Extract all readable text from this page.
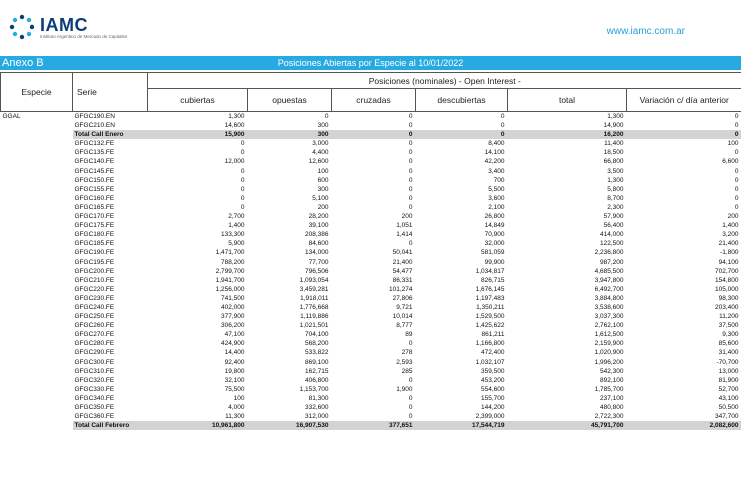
IAMC
Instituto Argentino de Mercado de Capitales	www.iamc.com.ar
Anexo B	Posiciones Abiertas por Especie al 10/01/2022
Especie	Serie	Posiciones (nominales) - Open Interest -					
		cubiertas	opuestas	cruzadas	descubiertas	total	Variación c/ día anterior
GGAL	GFGC190.EN	1,300	0	0	0	1,300	0
	GFGC210.EN	14,600	300	0	0	14,900	0
	Total Call Enero	15,900	300	0	0	16,200	0
	GFGC132.FE	0	3,000	0	8,400	11,400	100
	GFGC135.FE	0	4,400	0	14,100	18,500	0
	GFGC140.FE	12,000	12,600	0	42,200	66,800	6,600
	GFGC145.FE	0	100	0	3,400	3,500	0
	GFGC150.FE	0	600	0	700	1,300	0
	GFGC155.FE	0	300	0	5,500	5,800	0
	GFGC160.FE	0	5,100	0	3,600	8,700	0
	GFGC165.FE	0	200	0	2,100	2,300	0
	GFGC170.FE	2,700	28,200	200	26,800	57,900	200
	GFGC175.FE	1,400	39,100	1,051	14,849	56,400	1,400
	GFGC180.FE	133,300	208,386	1,414	70,900	414,000	3,200
	GFGC185.FE	5,900	84,600	0	32,000	122,500	21,400
	GFGC190.FE	1,471,700	134,000	50,041	581,059	2,236,800	-1,800
	GFGC195.FE	788,200	77,700	21,400	99,900	987,200	94,100
	GFGC200.FE	2,799,700	796,506	54,477	1,034,817	4,685,500	702,700
	GFGC210.FE	1,941,700	1,093,054	86,331	826,715	3,947,800	154,800
	GFGC220.FE	1,256,000	3,459,281	101,274	1,676,145	6,492,700	105,000
	GFGC230.FE	741,500	1,918,011	27,806	1,197,483	3,884,800	98,300
	GFGC240.FE	402,000	1,776,668	9,721	1,350,211	3,538,600	203,400
	GFGC250.FE	377,900	1,119,886	10,014	1,529,500	3,037,300	11,200
	GFGC260.FE	306,200	1,021,501	8,777	1,425,622	2,762,100	37,500
	GFGC270.FE	47,100	704,100	89	861,211	1,612,500	9,300
	GFGC280.FE	424,900	568,200	0	1,166,800	2,159,900	85,600
	GFGC290.FE	14,400	533,822	278	472,400	1,020,900	31,400
	GFGC300.FE	92,400	869,100	2,593	1,032,107	1,996,200	-70,700
	GFGC310.FE	19,800	162,715	285	359,500	542,300	13,000
	GFGC320.FE	32,100	406,800	0	453,200	892,100	81,900
	GFGC330.FE	75,500	1,153,700	1,900	554,600	1,785,700	52,700
	GFGC340.FE	100	81,300	0	155,700	237,100	43,100
	GFGC350.FE	4,000	332,600	0	144,200	480,800	50,500
	GFGC360.FE	11,300	312,000	0	2,399,000	2,722,300	347,700
	Total Call Febrero	10,961,800	16,907,530	377,651	17,544,719	45,791,700	2,082,600
